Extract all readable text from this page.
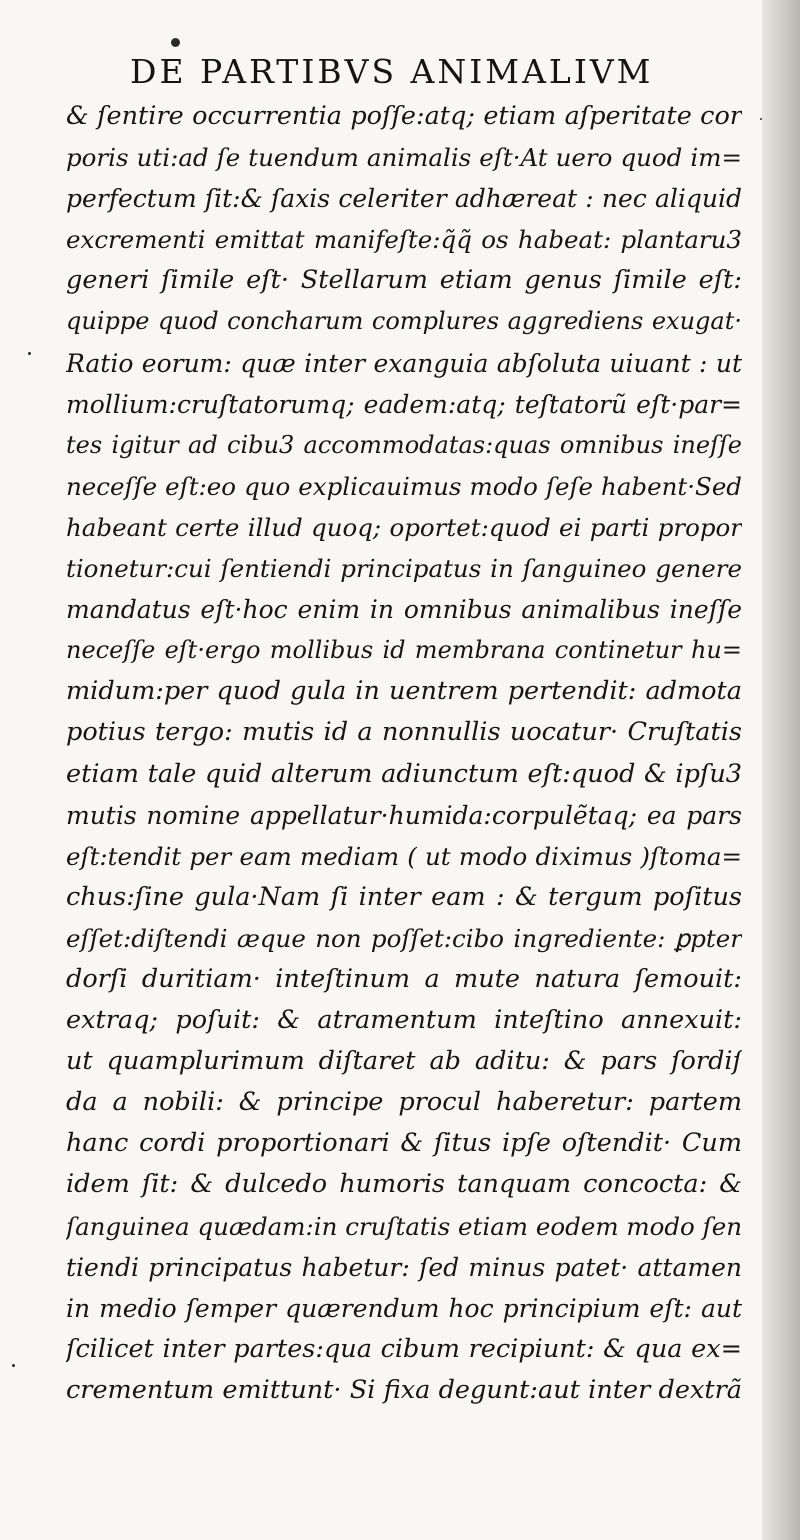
DE PARTIBVS ANIMALIVM
& ſentire occurrentia poſſe:atq; etiam aſperitate cor
poris uti:ad ſe tuendum animalis eſt·At uero quod im=
perfectum ſit:& ſaxis celeriter adhæreat : nec aliquid
excrementi emittat manifeſte:q̃q̃ os habeat: plantaru3
generi ſimile eſt· Stellarum etiam genus ſimile eſt:
quippe quod concharum complures aggrediens exugat·
Ratio eorum: quæ inter exanguia abſoluta uiuant : ut
mollium:cruſtatorumq; eadem:atq; teſtatorũ eſt·par=
tes igitur ad cibu3 accommodatas:quas omnibus ineſſe
neceſſe eſt:eo quo explicauimus modo ſeſe habent·Sed
habeant certe illud quoq; oportet:quod ei parti propor
tionetur:cui ſentiendi principatus in ſanguineo genere
mandatus eſt·hoc enim in omnibus animalibus ineſſe
neceſſe eſt·ergo mollibus id membrana continetur hu=
midum:per quod gula in uentrem pertendit: admota
potius tergo: mutis id a nonnullis uocatur· Cruſtatis
etiam tale quid alterum adiunctum eſt:quod & ipſu3
mutis nomine appellatur·humida:corpulẽtaq; ea pars
eſt:tendit per eam mediam ( ut modo diximus )ſtoma=
chus:ſine gula·Nam ſi inter eam : & tergum poſitus
eſſet:diſtendi æque non poſſet:cibo ingrediente: ꝑpter
dorſi duritiam· inteſtinum a mute natura ſemouit:
extraq; poſuit: & atramentum inteſtino annexuit:
ut quamplurimum diſtaret ab aditu: & pars ſordiſ
da a nobili: & principe procul haberetur: partem
hanc cordi proportionari & ſitus ipſe oſtendit· Cum
idem ſit: & dulcedo humoris tanquam concocta: &
ſanguinea quædam:in cruſtatis etiam eodem modo ſen
tiendi principatus habetur: ſed minus patet· attamen
in medio ſemper quærendum hoc principium eſt: aut
ſcilicet inter partes:qua cibum recipiunt: & qua ex=
crementum emittunt· Si fixa degunt:aut inter dextrã
